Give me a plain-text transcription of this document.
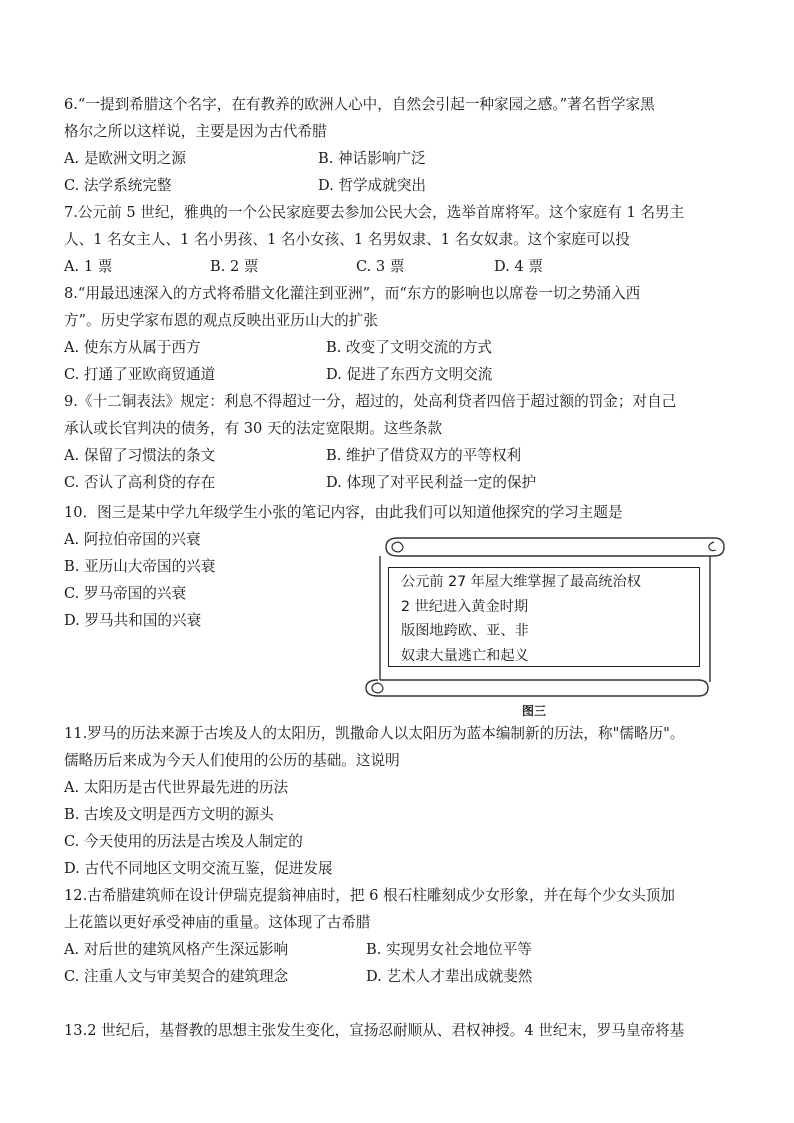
6.“一提到希腊这个名字，在有教养的欧洲人心中，自然会引起一种家园之感。”著名哲学家黑
格尔之所以这样说，主要是因为古代希腊
A. 是欧洲文明之源	B. 神话影响广泛
C. 法学系统完整	D. 哲学成就突出
7.公元前 5 世纪，雅典的一个公民家庭要去参加公民大会，选举首席将军。这个家庭有 1 名男主
人、1 名女主人、1 名小男孩、1 名小女孩、1 名男奴隶、1 名女奴隶。这个家庭可以投
A. 1 票	B. 2 票	C. 3 票	D. 4 票
8.“用最迅速深入的方式将希腊文化灌注到亚洲”，而“东方的影响也以席卷一切之势涌入西
方”。历史学家布恩的观点反映出亚历山大的扩张
A. 使东方从属于西方	B. 改变了文明交流的方式
C. 打通了亚欧商贸通道	D. 促进了东西方文明交流
9.《十二铜表法》规定：利息不得超过一分，超过的，处高利贷者四倍于超过额的罚金；对自己
承认或长官判决的债务，有 30 天的法定宽限期。这些条款
A. 保留了习惯法的条文	B. 维护了借贷双方的平等权利
C. 否认了高利贷的存在	D. 体现了对平民利益一定的保护
10．图三是某中学九年级学生小张的笔记内容，由此我们可以知道他探究的学习主题是
A. 阿拉伯帝国的兴衰
B. 亚历山大帝国的兴衰
C. 罗马帝国的兴衰
D. 罗马共和国的兴衰
公元前 27 年屋大维掌握了最高统治权
2 世纪进入黄金时期
版图地跨欧、亚、非
奴隶大量逃亡和起义
图三
11.罗马的历法来源于古埃及人的太阳历，凯撒命人以太阳历为蓝本编制新的历法，称"儒略历"。
儒略历后来成为今天人们使用的公历的基础。这说明
A. 太阳历是古代世界最先进的历法
B. 古埃及文明是西方文明的源头
C. 今天使用的历法是古埃及人制定的
D. 古代不同地区文明交流互鉴，促进发展
12.古希腊建筑师在设计伊瑞克提翁神庙时，把 6 根石柱雕刻成少女形象，并在每个少女头顶加
上花篮以更好承受神庙的重量。这体现了古希腊
A. 对后世的建筑风格产生深远影响	B. 实现男女社会地位平等
C. 注重人文与审美契合的建筑理念	D. 艺术人才辈出成就斐然
13.2 世纪后，基督教的思想主张发生变化，宣扬忍耐顺从、君权神授。4 世纪末，罗马皇帝将基
